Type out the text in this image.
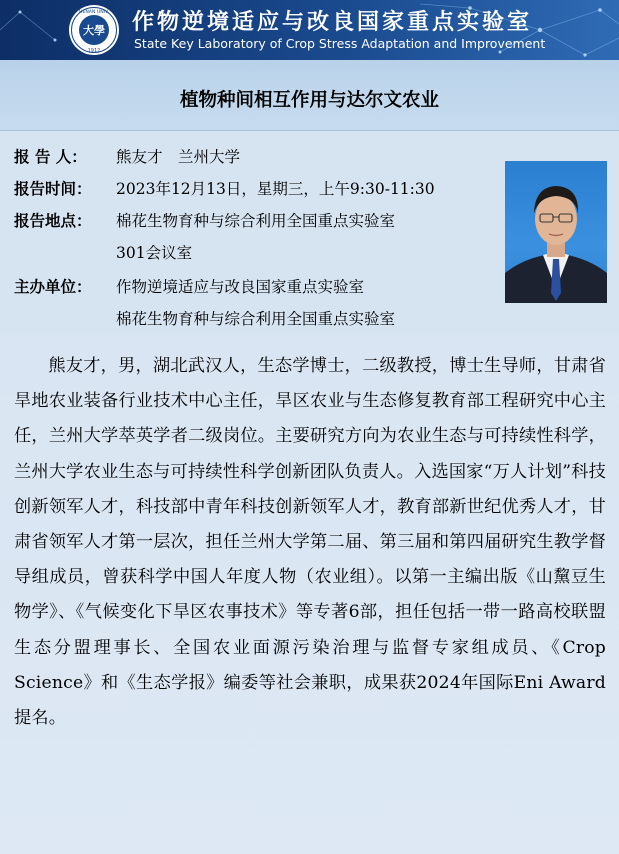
大學
HENAN UNIV.
1912
作物逆境适应与改良国家重点实验室
State Key Laboratory of Crop Stress Adaptation and Improvement
植物种间相互作用与达尔文农业
报 告 人： 熊友才　兰州大学
报告时间： 2023年12月13日，星期三，上午9:30-11:30
报告地点： 棉花生物育种与综合利用全国重点实验室
301会议室
主办单位： 作物逆境适应与改良国家重点实验室
棉花生物育种与综合利用全国重点实验室
熊友才，男，湖北武汉人，生态学博士，二级教授，博士生导师，甘肃省旱地农业装备行业技术中心主任，旱区农业与生态修复教育部工程研究中心主任，兰州大学萃英学者二级岗位。主要研究方向为农业生态与可持续性科学，兰州大学农业生态与可持续性科学创新团队负责人。入选国家“万人计划”科技创新领军人才，科技部中青年科技创新领军人才，教育部新世纪优秀人才，甘肃省领军人才第一层次，担任兰州大学第二届、第三届和第四届研究生教学督导组成员，曾获科学中国人年度人物（农业组）。以第一主编出版《山黧豆生物学》、《气候变化下旱区农事技术》等专著6部，担任包括一带一路高校联盟生态分盟理事长、全国农业面源污染治理与监督专家组成员、《Crop Science》和《生态学报》编委等社会兼职，成果获2024年国际Eni Award提名。
